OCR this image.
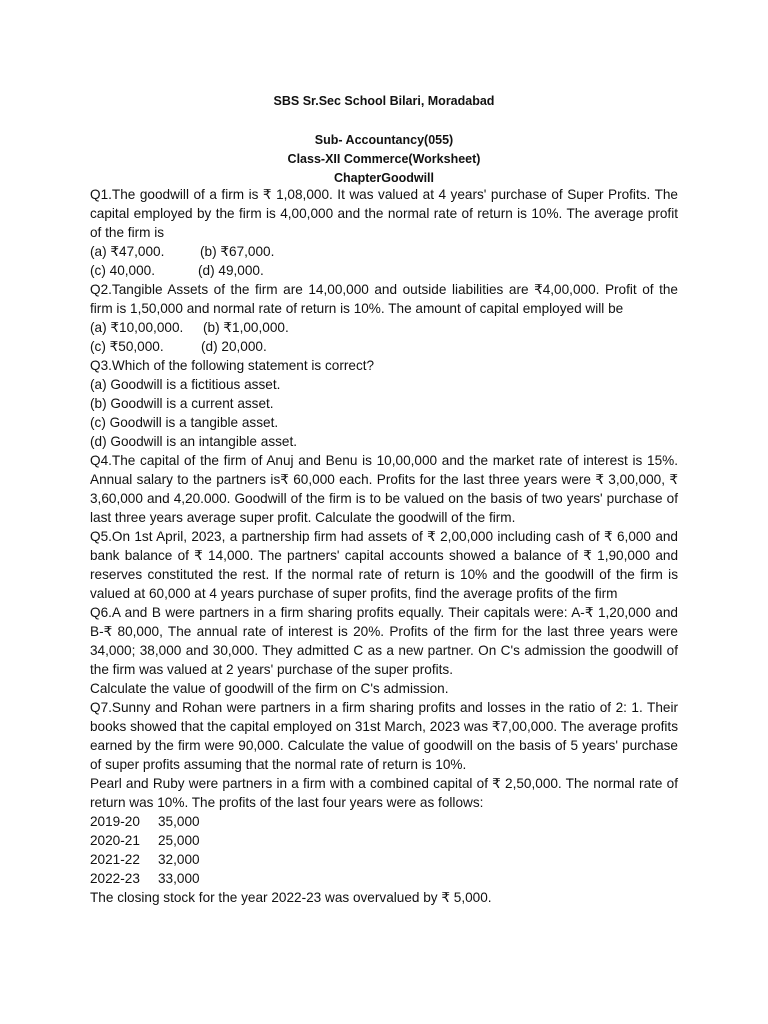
SBS Sr.Sec School Bilari, Moradabad
Sub- Accountancy(055)
Class-XII Commerce(Worksheet)
ChapterGoodwill

Q1.The goodwill of a firm is ₹ 1,08,000. It was valued at 4 years' purchase of Super Profits. The capital employed by the firm is 4,00,000 and the normal rate of return is 10%. The average profit of the firm is

(a) ₹47,000.	(b) ₹67,000.
(c) 40,000.	(d) 49,000.

Q2.Tangible Assets of the firm are 14,00,000 and outside liabilities are ₹4,00,000. Profit of the firm is 1,50,000 and normal rate of return is 10%. The amount of capital employed will be

(a) ₹10,00,000. (b) ₹1,00,000.
(c) ₹50,000.	(d) 20,000.

Q3.Which of the following statement is correct?

(a) Goodwill is a fictitious asset.
(b) Goodwill is a current asset.
(c) Goodwill is a tangible asset.
(d) Goodwill is an intangible asset.

Q4.The capital of the firm of Anuj and Benu is 10,00,000 and the market rate of interest is 15%. Annual salary to the partners is₹ 60,000 each. Profits for the last three years were ₹ 3,00,000, ₹ 3,60,000 and 4,20.000. Goodwill of the firm is to be valued on the basis of two years' purchase of last three years average super profit. Calculate the goodwill of the firm.

Q5.On 1st April, 2023, a partnership firm had assets of ₹ 2,00,000 including cash of ₹ 6,000 and bank balance of ₹ 14,000. The partners' capital accounts showed a balance of ₹ 1,90,000 and reserves constituted the rest. If the normal rate of return is 10% and the goodwill of the firm is valued at 60,000 at 4 years purchase of super profits, find the average profits of the firm

Q6.A and B were partners in a firm sharing profits equally. Their capitals were: A-₹ 1,20,000 and B-₹ 80,000, The annual rate of interest is 20%. Profits of the firm for the last three years were 34,000; 38,000 and 30,000. They admitted C as a new partner. On C's admission the goodwill of the firm was valued at 2 years' purchase of the super profits.

Calculate the value of goodwill of the firm on C's admission.

Q7.Sunny and Rohan were partners in a firm sharing profits and losses in the ratio of 2: 1. Their books showed that the capital employed on 31st March, 2023 was ₹7,00,000. The average profits earned by the firm were 90,000. Calculate the value of goodwill on the basis of 5 years' purchase of super profits assuming that the normal rate of return is 10%.

Pearl and Ruby were partners in a firm with a combined capital of ₹ 2,50,000. The normal rate of return was 10%. The profits of the last four years were as follows:

2019-20 35,000
2020-21 25,000
2021-22 32,000
2022-23 33,000

The closing stock for the year 2022-23 was overvalued by ₹ 5,000.
